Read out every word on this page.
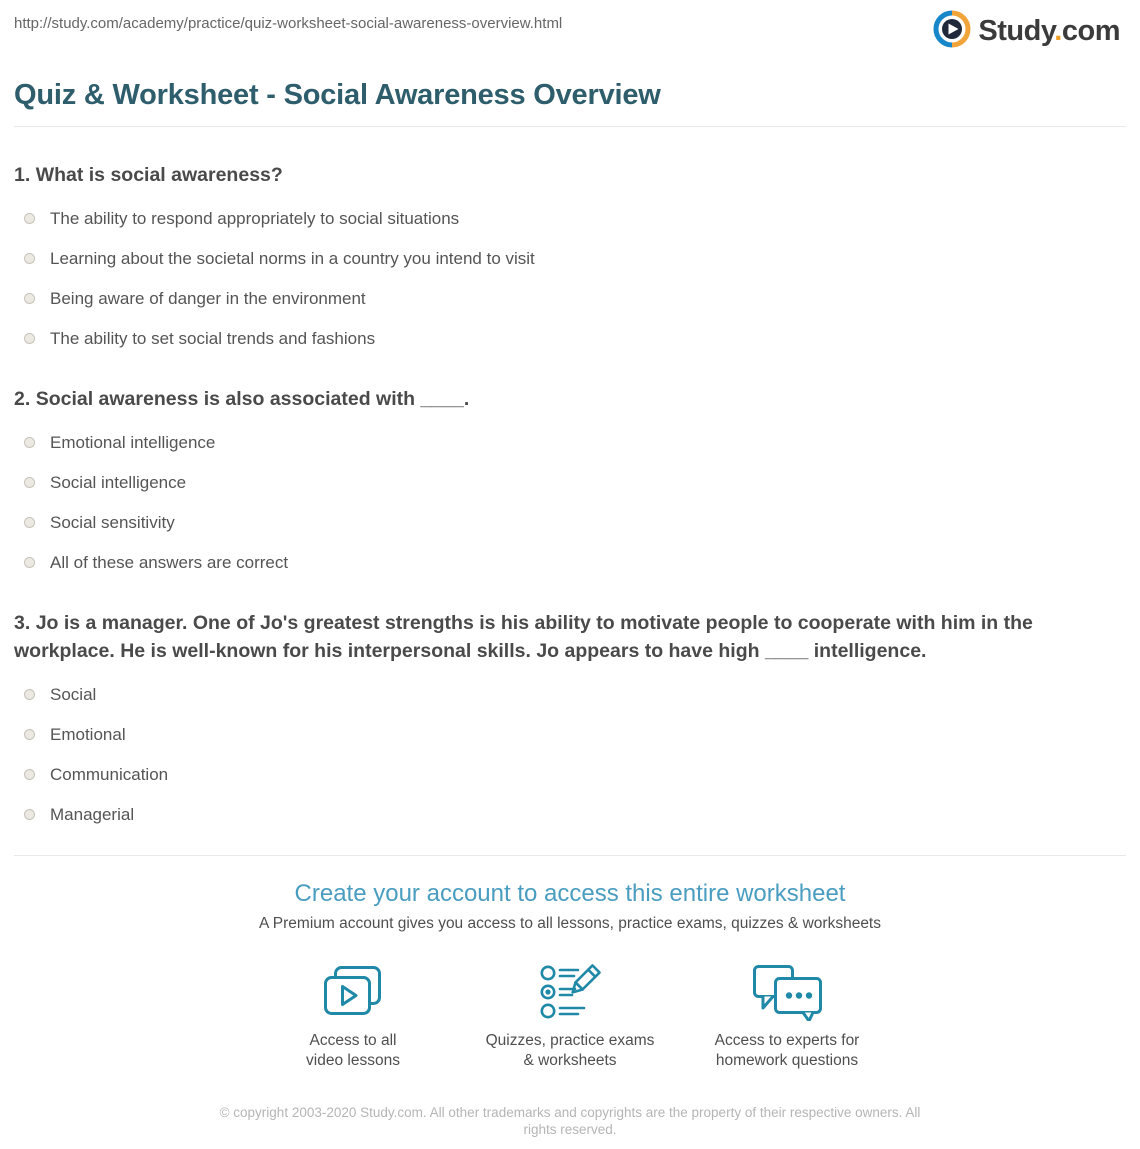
http://study.com/academy/practice/quiz-worksheet-social-awareness-overview.html	Study.com
Quiz & Worksheet - Social Awareness Overview
1. What is social awareness?
The ability to respond appropriately to social situations
Learning about the societal norms in a country you intend to visit
Being aware of danger in the environment
The ability to set social trends and fashions
2. Social awareness is also associated with ____.
Emotional intelligence
Social intelligence
Social sensitivity
All of these answers are correct
3. Jo is a manager. One of Jo's greatest strengths is his ability to motivate people to cooperate with him in the workplace. He is well-known for his interpersonal skills. Jo appears to have high ____ intelligence.
Social
Emotional
Communication
Managerial
Create your account to access this entire worksheet
A Premium account gives you access to all lessons, practice exams, quizzes & worksheets
Access to all
video lessons
Quizzes, practice exams
& worksheets
Access to experts for
homework questions
© copyright 2003-2020 Study.com. All other trademarks and copyrights are the property of their respective owners. All rights reserved.
